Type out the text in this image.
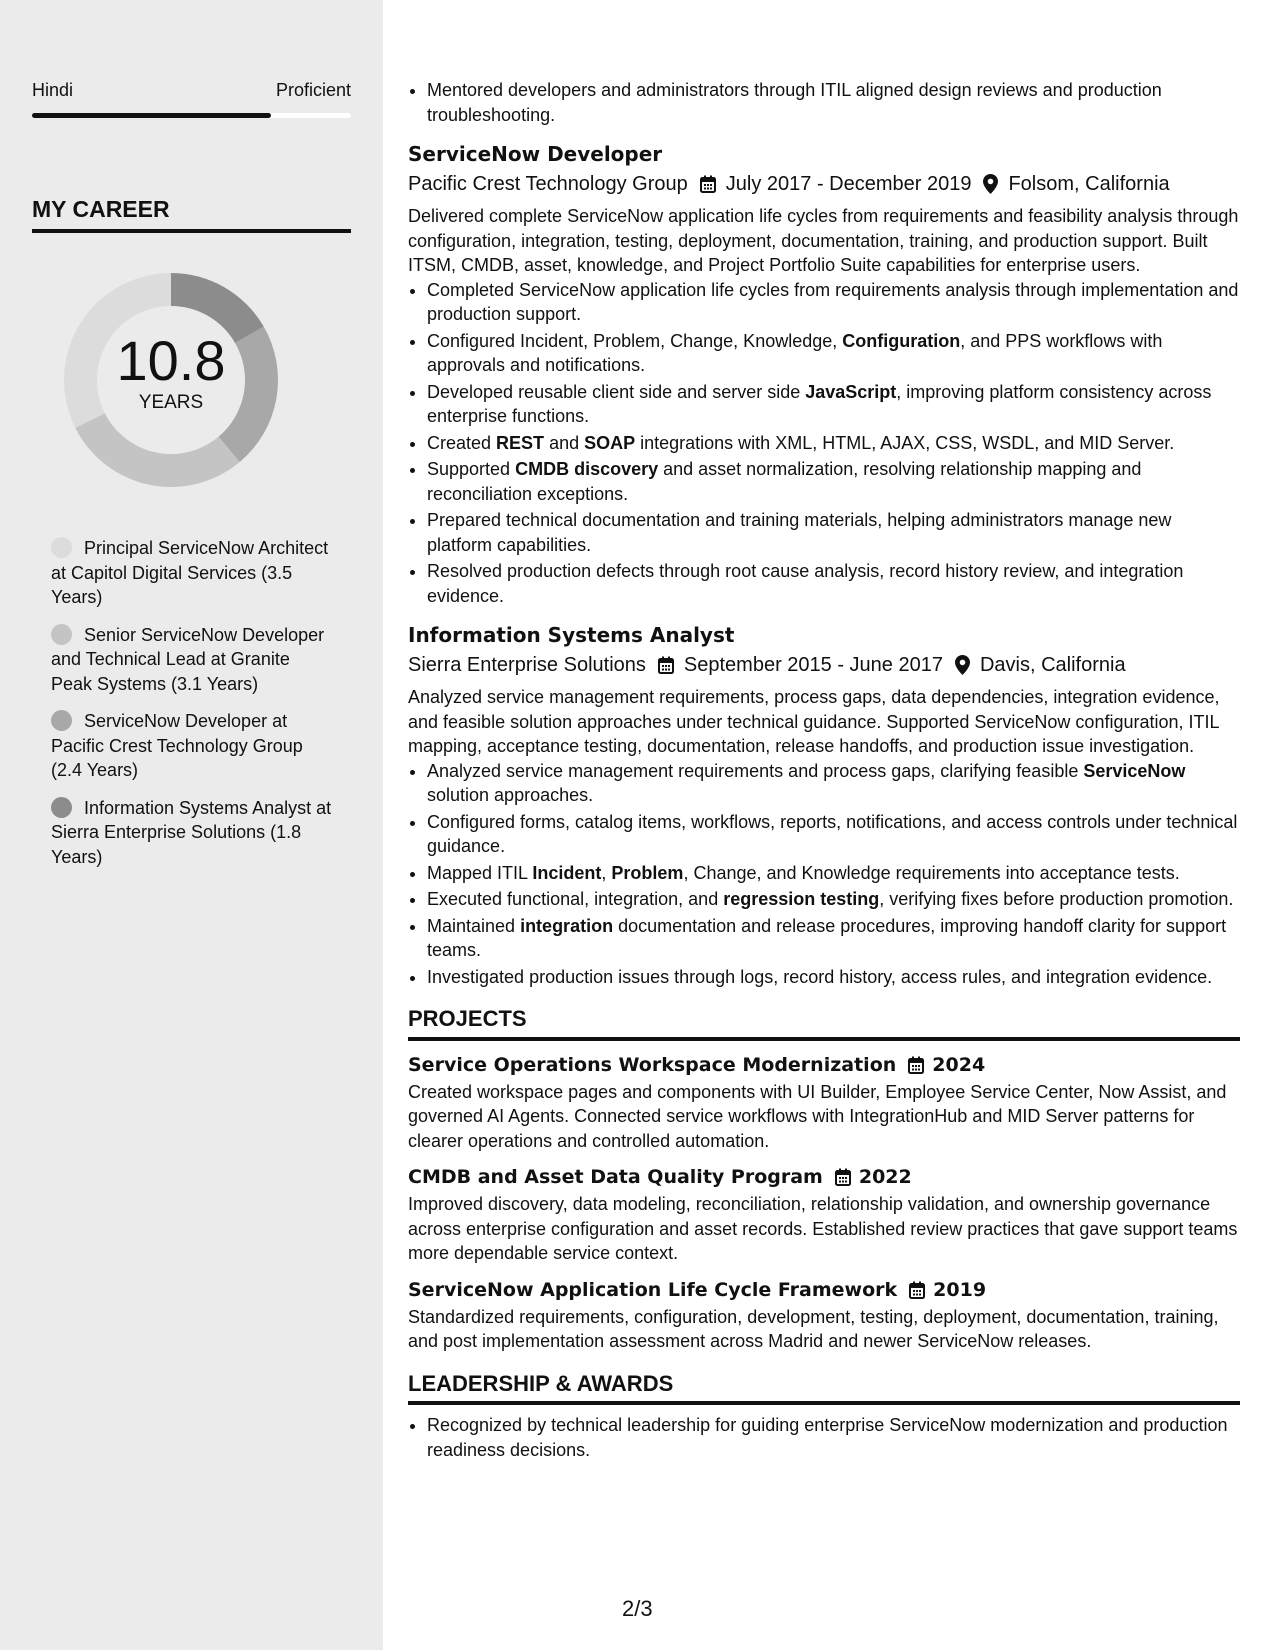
Hindi	Proficient
MY CAREER
10.8
YEARS
Principal ServiceNow Architect at Capitol Digital Services (3.5 Years)
Senior ServiceNow Developer and Technical Lead at Granite Peak Systems (3.1 Years)
ServiceNow Developer at Pacific Crest Technology Group (2.4 Years)
Information Systems Analyst at Sierra Enterprise Solutions (1.8 Years)
• Mentored developers and administrators through ITIL aligned design reviews and production troubleshooting.
ServiceNow Developer
Pacific Crest Technology Group July 2017 - December 2019 Folsom, California
Delivered complete ServiceNow application life cycles from requirements and feasibility analysis through configuration, integration, testing, deployment, documentation, training, and production support. Built ITSM, CMDB, asset, knowledge, and Project Portfolio Suite capabilities for enterprise users.
• Completed ServiceNow application life cycles from requirements analysis through implementation and production support.
• Configured Incident, Problem, Change, Knowledge, Configuration, and PPS workflows with approvals and notifications.
• Developed reusable client side and server side JavaScript, improving platform consistency across enterprise functions.
• Created REST and SOAP integrations with XML, HTML, AJAX, CSS, WSDL, and MID Server.
• Supported CMDB discovery and asset normalization, resolving relationship mapping and reconciliation exceptions.
• Prepared technical documentation and training materials, helping administrators manage new platform capabilities.
• Resolved production defects through root cause analysis, record history review, and integration evidence.
Information Systems Analyst
Sierra Enterprise Solutions September 2015 - June 2017 Davis, California
Analyzed service management requirements, process gaps, data dependencies, integration evidence, and feasible solution approaches under technical guidance. Supported ServiceNow configuration, ITIL mapping, acceptance testing, documentation, release handoffs, and production issue investigation.
• Analyzed service management requirements and process gaps, clarifying feasible ServiceNow solution approaches.
• Configured forms, catalog items, workflows, reports, notifications, and access controls under technical guidance.
• Mapped ITIL Incident, Problem, Change, and Knowledge requirements into acceptance tests.
• Executed functional, integration, and regression testing, verifying fixes before production promotion.
• Maintained integration documentation and release procedures, improving handoff clarity for support teams.
• Investigated production issues through logs, record history, access rules, and integration evidence.
PROJECTS
Service Operations Workspace Modernization 2024
Created workspace pages and components with UI Builder, Employee Service Center, Now Assist, and governed AI Agents. Connected service workflows with IntegrationHub and MID Server patterns for clearer operations and controlled automation.
CMDB and Asset Data Quality Program 2022
Improved discovery, data modeling, reconciliation, relationship validation, and ownership governance across enterprise configuration and asset records. Established review practices that gave support teams more dependable service context.
ServiceNow Application Life Cycle Framework 2019
Standardized requirements, configuration, development, testing, deployment, documentation, training, and post implementation assessment across Madrid and newer ServiceNow releases.
LEADERSHIP & AWARDS
• Recognized by technical leadership for guiding enterprise ServiceNow modernization and production readiness decisions.
2/3
